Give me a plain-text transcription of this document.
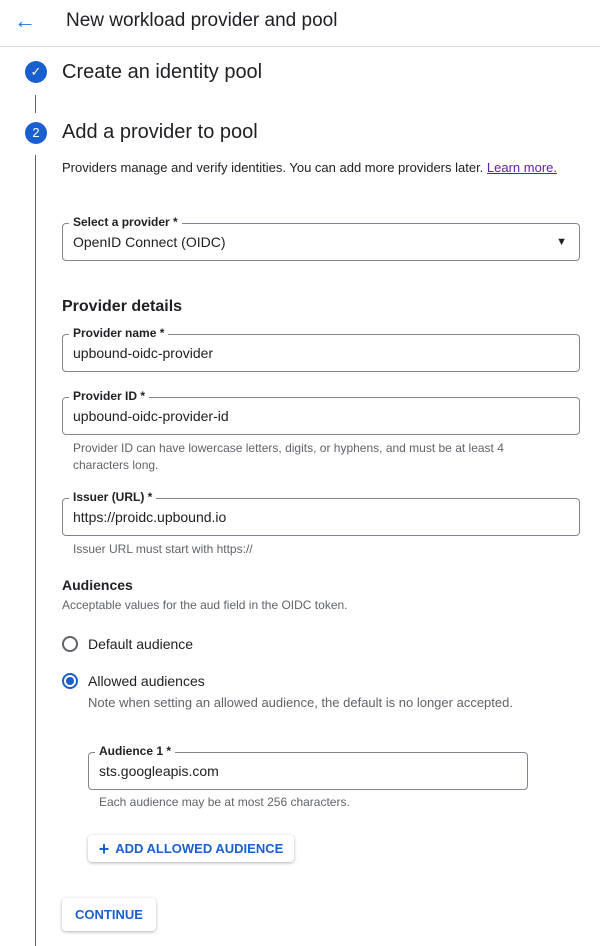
← New workload provider and pool
✓ Create an identity pool
2	Add a provider to pool
Providers manage and verify identities. You can add more providers later. Learn more.
Select a provider *
OpenID Connect (OIDC)	▼
Provider details
Provider name *
upbound-oidc-provider
Provider ID *
upbound-oidc-provider-id
Provider ID can have lowercase letters, digits, or hyphens, and must be at least 4 characters long.
Issuer (URL) *
https://proidc.upbound.io
Issuer URL must start with https://
Audiences
Acceptable values for the aud field in the OIDC token.
Default audience
Allowed audiences
Note when setting an allowed audience, the default is no longer accepted.
Audience 1 *
sts.googleapis.com
Each audience may be at most 256 characters.
+ ADD ALLOWED AUDIENCE
CONTINUE
